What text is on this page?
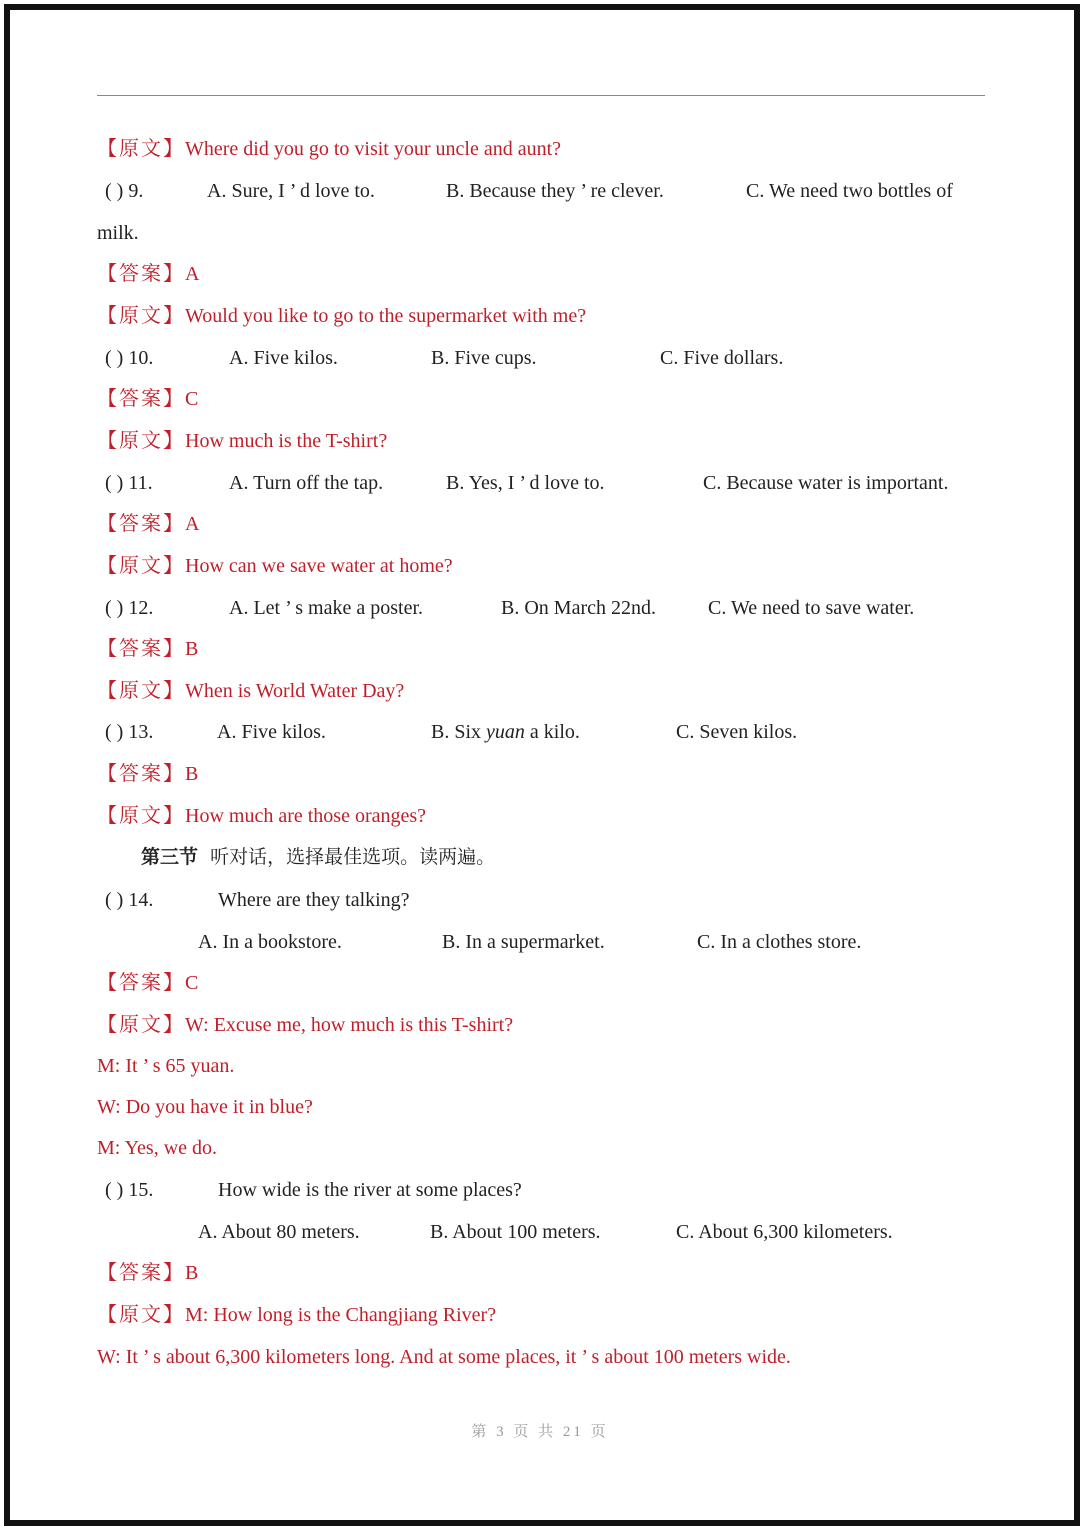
【原文】Where did you go to visit your uncle and aunt?
( ) 9.	A. Sure, I ’ d love to.	B. Because they ’ re clever.	C. We need two bottles of
milk.
【答案】A
【原文】Would you like to go to the supermarket with me?
( ) 10.	A. Five kilos.	B. Five cups.	C. Five dollars.
【答案】C
【原文】How much is the T-shirt?
( ) 11.	A. Turn off the tap.	B. Yes, I ’ d love to.	C. Because water is important.
【答案】A
【原文】How can we save water at home?
( ) 12.	A. Let ’ s make a poster.	B. On March 22nd.	C. We need to save water.
【答案】B
【原文】When is World Water Day?
( ) 13.	A. Five kilos.	B. Six yuan a kilo.	C. Seven kilos.
【答案】B
【原文】How much are those oranges?
第三节 听对话，选择最佳选项。读两遍。
( ) 14.	Where are they talking?
A. In a bookstore.	B. In a supermarket.	C. In a clothes store.
【答案】C
【原文】W: Excuse me, how much is this T-shirt?
M: It ’ s 65 yuan.
W: Do you have it in blue?
M: Yes, we do.
( ) 15.	How wide is the river at some places?
A. About 80 meters.	B. About 100 meters.	C. About 6,300 kilometers.
【答案】B
【原文】M: How long is the Changjiang River?
W: It ’ s about 6,300 kilometers long. And at some places, it ’ s about 100 meters wide.
第 3 页 共 21 页
